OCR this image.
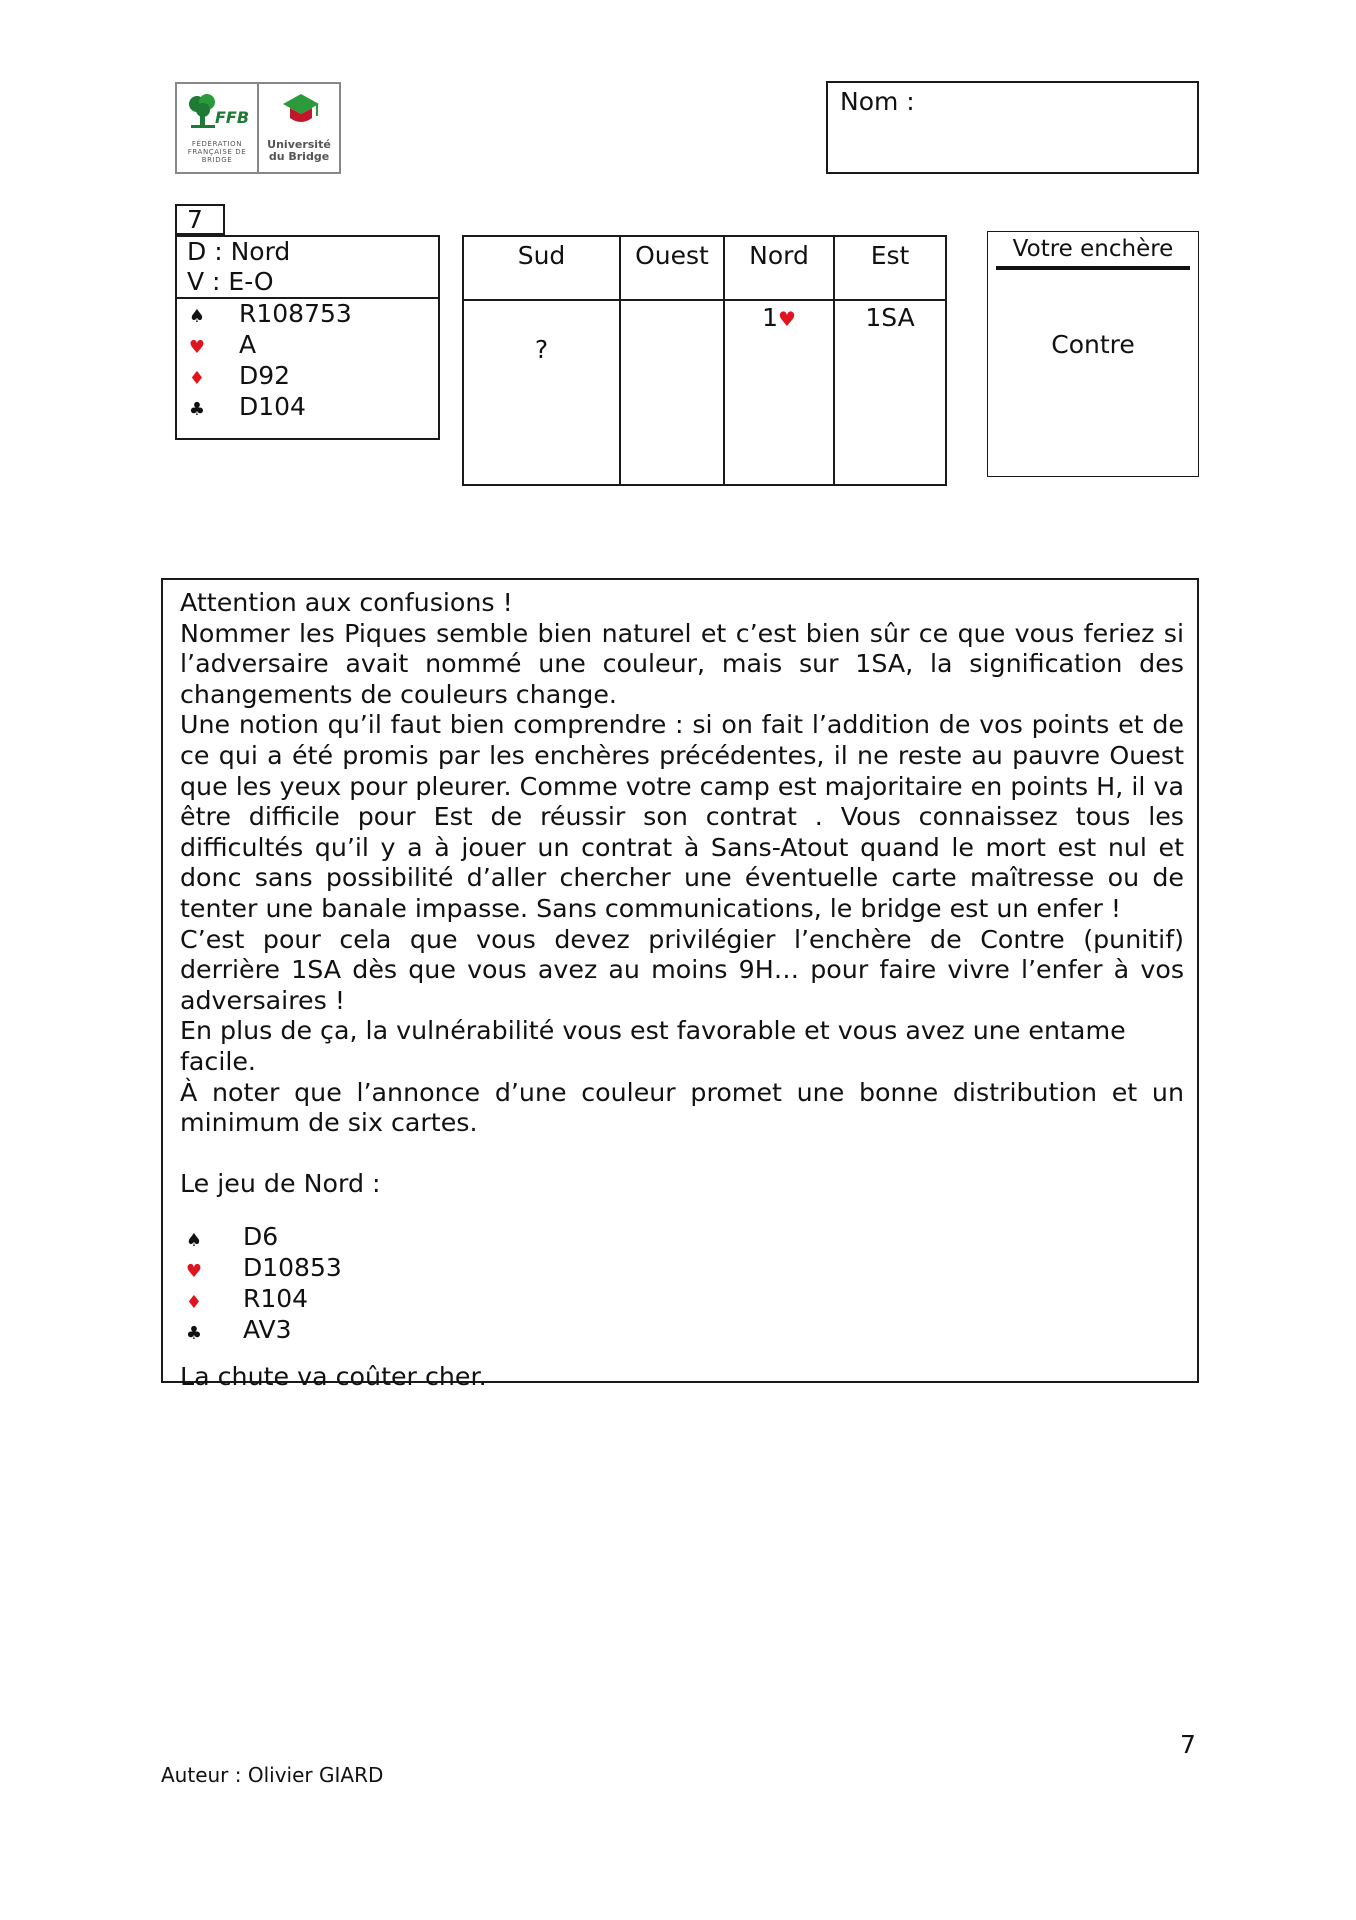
FFB
FÉDÉRATION FRANÇAISE DE BRIDGE
Université
du Bridge
Nom :
7
D : Nord
V : E-O
♠ R108753
♥ A
♦ D92
♣ D104
Sud
?
Ouest	Nord
1♥
Est
1SA
Votre enchère
Contre

Attention aux confusions !

Nommer les Piques semble bien naturel et c’est bien sûr ce que vous feriez si l’adversaire avait nommé une couleur, mais sur 1SA, la signification des changements de couleurs change.

Une notion qu’il faut bien comprendre : si on fait l’addition de vos points et de ce qui a été promis par les enchères précédentes, il ne reste au pauvre Ouest que les yeux pour pleurer. Comme votre camp est majoritaire en points H, il va être difficile pour Est de réussir son contrat . Vous connaissez tous les difficultés qu’il y a à jouer un contrat à Sans-Atout quand le mort est nul et donc sans possibilité d’aller chercher une éventuelle carte maîtresse ou de tenter une banale impasse. Sans communications, le bridge est un enfer !

C’est pour cela que vous devez privilégier l’enchère de Contre (punitif) derrière 1SA dès que vous avez au moins 9H… pour faire vivre l’enfer à vos adversaires !

En plus de ça, la vulnérabilité vous est favorable et vous avez une entame facile.

À noter que l’annonce d’une couleur promet une bonne distribution et un minimum de six cartes.

Le jeu de Nord :

♠ D6
♥ D10853
♦ R104
♣ AV3

La chute va coûter cher.

7
Auteur : Olivier GIARD
